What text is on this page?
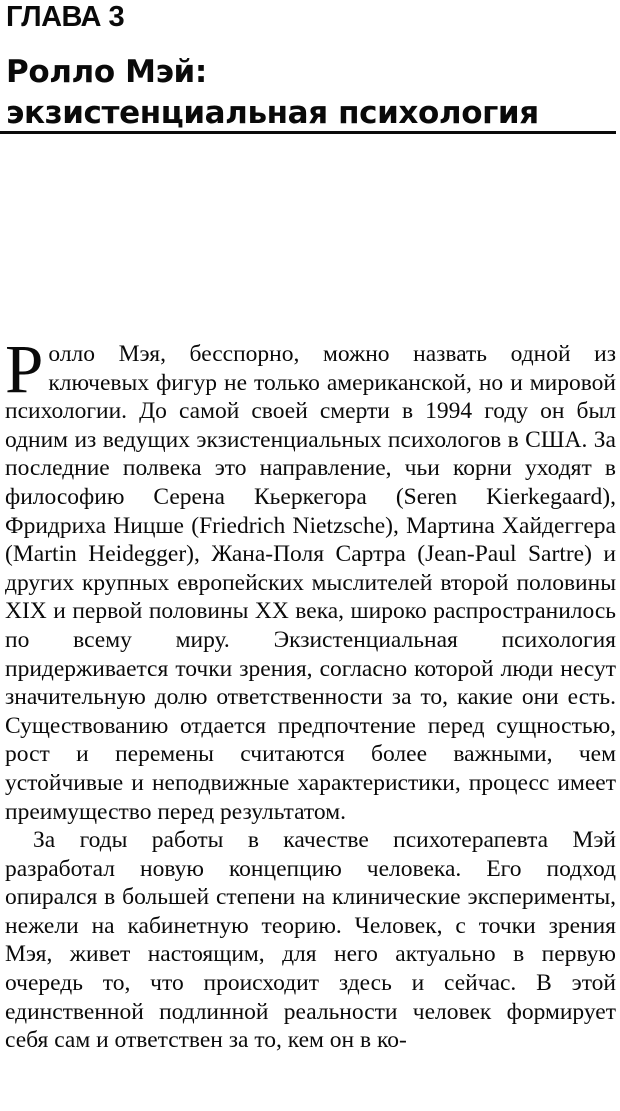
ГЛАВА 3
Ролло Мэй:
экзистенциальная психология

Ролло Мэя, бесспорно, можно назвать одной из ключевых фигур не только американской, но и мировой психологии. До самой своей смерти в 1994 году он был одним из ведущих экзистенциальных психологов в США. За последние полвека это направление, чьи корни уходят в философию Серена Кьеркегора (Seren Kierkegaard), Фридриха Ницше (Friedrich Nietzsche), Мартина Хайдеггера (Martin Heidegger), Жана-Поля Сартра (Jean-Paul Sartre) и других крупных европейских мыслителей второй половины XIX и первой половины XX века, широко распространилось по всему миру. Экзистенциальная психология придерживается точки зрения, согласно которой люди несут значительную долю ответственности за то, какие они есть. Существованию отдается предпочтение перед сущностью, рост и перемены считаются более важными, чем устойчивые и неподвижные характеристики, процесс имеет преимущество перед результатом.

За годы работы в качестве психотерапевта Мэй разработал новую концепцию человека. Его подход опирался в большей степени на клинические эксперименты, нежели на кабинетную теорию. Человек, с точки зрения Мэя, живет настоящим, для него актуально в первую очередь то, что происходит здесь и сейчас. В этой единственной подлинной реальности человек формирует себя сам и ответствен за то, кем он в ко-
